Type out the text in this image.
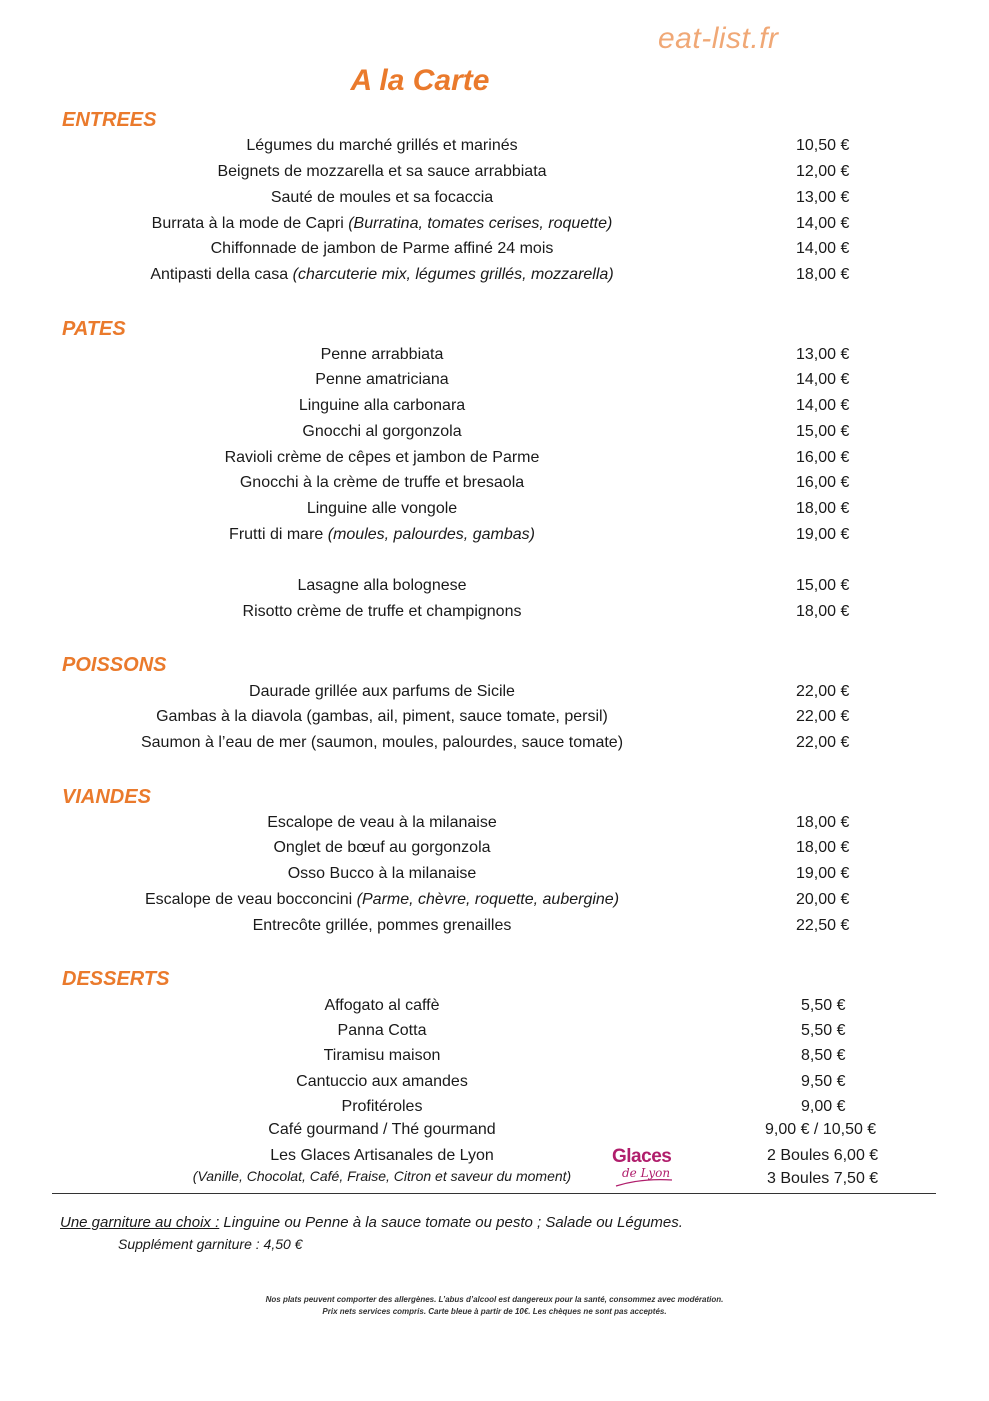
eat-list.fr
A la Carte
ENTREES
Légumes du marché grillés et marinés	10,50 €
Beignets de mozzarella et sa sauce arrabbiata	12,00 €
Sauté de moules et sa focaccia	13,00 €
Burrata à la mode de Capri (Burratina, tomates cerises, roquette)	14,00 €
Chiffonnade de jambon de Parme affiné 24 mois	14,00 €
Antipasti della casa (charcuterie mix, légumes grillés, mozzarella)	18,00 €
PATES
Penne arrabbiata	13,00 €
Penne amatriciana	14,00 €
Linguine alla carbonara	14,00 €
Gnocchi al gorgonzola	15,00 €
Ravioli crème de cêpes et jambon de Parme	16,00 €
Gnocchi à la crème de truffe et bresaola	16,00 €
Linguine alle vongole	18,00 €
Frutti di mare (moules, palourdes, gambas)	19,00 €
Lasagne alla bolognese	15,00 €
Risotto crème de truffe et champignons	18,00 €
POISSONS
Daurade grillée aux parfums de Sicile	22,00 €
Gambas à la diavola (gambas, ail, piment, sauce tomate, persil)	22,00 €
Saumon à l’eau de mer (saumon, moules, palourdes, sauce tomate)	22,00 €
VIANDES
Escalope de veau à la milanaise	18,00 €
Onglet de bœuf au gorgonzola	18,00 €
Osso Bucco à la milanaise	19,00 €
Escalope de veau bocconcini (Parme, chèvre, roquette, aubergine)	20,00 €
Entrecôte grillée, pommes grenailles	22,50 €
DESSERTS
Affogato al caffè	5,50 €
Panna Cotta	5,50 €
Tiramisu maison	8,50 €
Cantuccio aux amandes	9,50 €
Profitéroles	9,00 €
Café gourmand / Thé gourmand	9,00 € / 10,50 €
Les Glaces Artisanales de Lyon	2 Boules 6,00 €
(Vanille, Chocolat, Café, Fraise, Citron et saveur du moment)	3 Boules 7,50 €
Glaces
de Lyon
Une garniture au choix : Linguine ou Penne à la sauce tomate ou pesto ; Salade ou Légumes.
Supplément garniture : 4,50 €
Nos plats peuvent comporter des allergènes. L’abus d’alcool est dangereux pour la santé, consommez avec modération.
Prix nets services compris. Carte bleue à partir de 10€. Les chèques ne sont pas acceptés.
